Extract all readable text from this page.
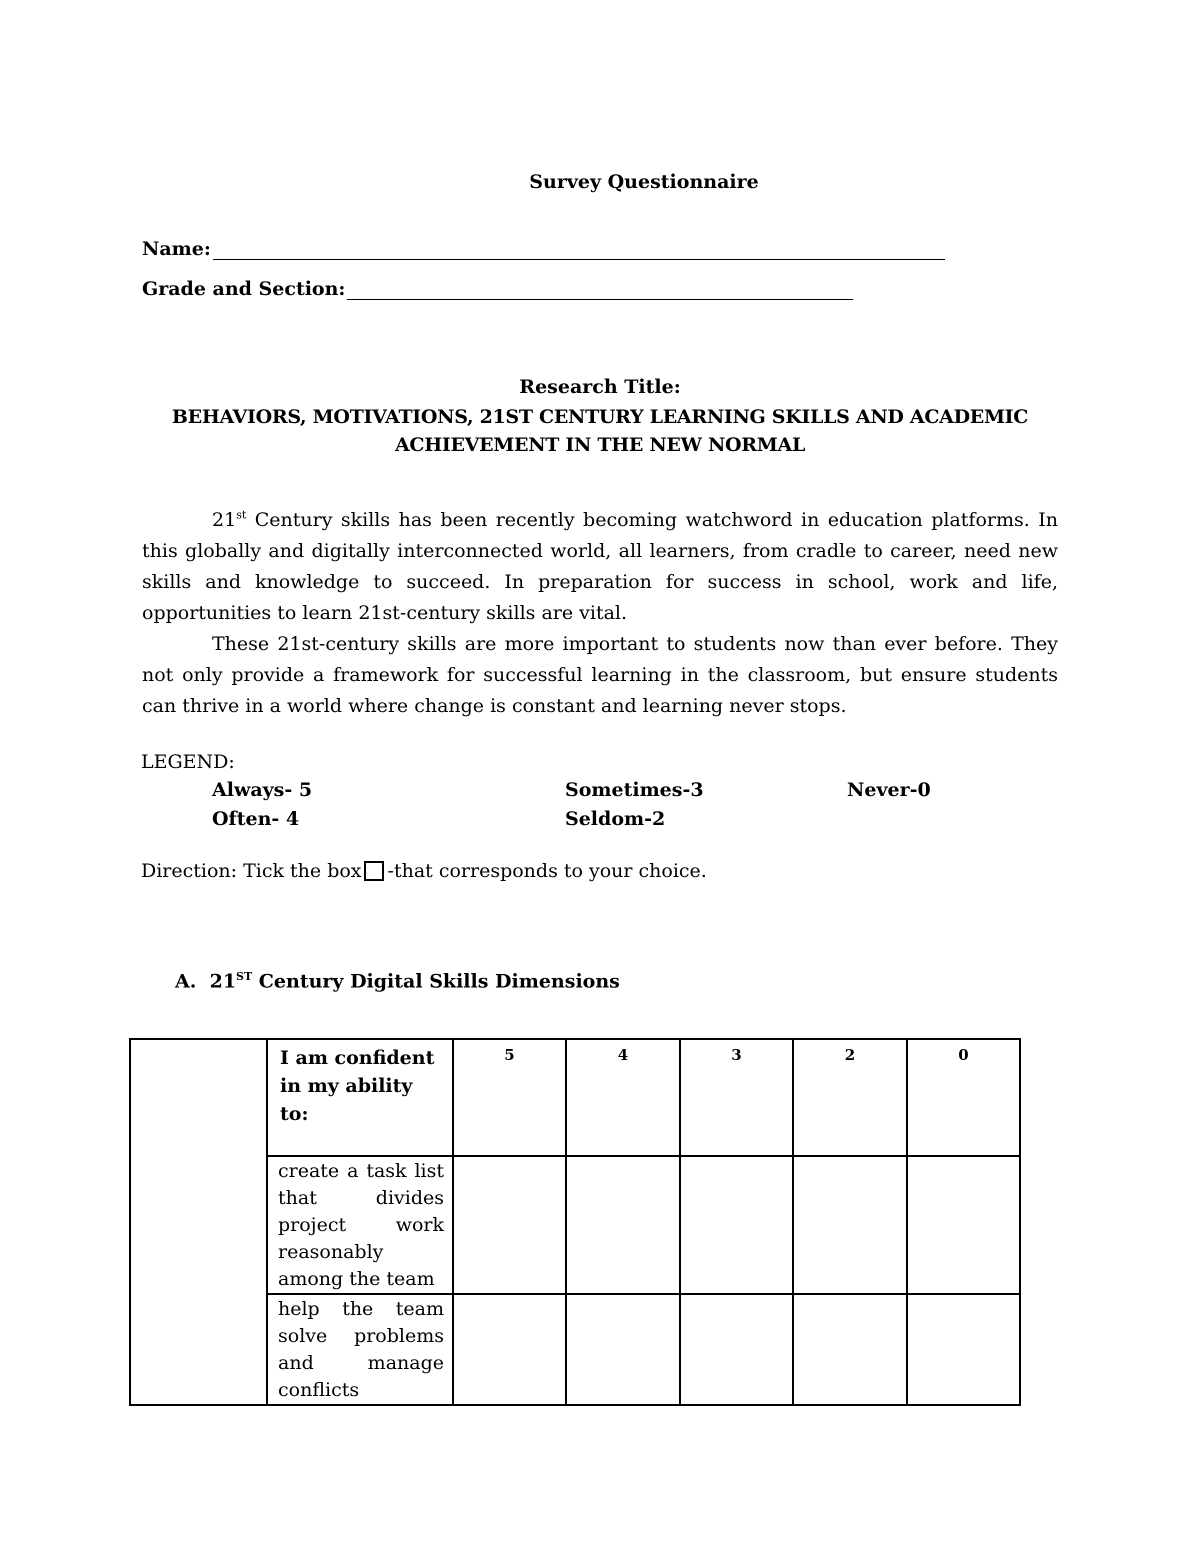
Survey Questionnaire
Name:
Grade and Section:
Research Title:
BEHAVIORS, MOTIVATIONS, 21ST CENTURY LEARNING SKILLS AND ACADEMIC ACHIEVEMENT IN THE NEW NORMAL

21st Century skills has been recently becoming watchword in education platforms. In this globally and digitally interconnected world, all learners, from cradle to career, need new skills and knowledge to succeed. In preparation for success in school, work and life, opportunities to learn 21st-century skills are vital.

These 21st-century skills are more important to students now than ever before. They not only provide a framework for successful learning in the classroom, but ensure students can thrive in a world where change is constant and learning never stops.

LEGEND:
Always- 5
Often- 4
Sometimes-3
Seldom-2
Never-0
Direction: Tick the box -that corresponds to your choice.
A. 21ST Century Digital Skills Dimensions
	I am confident in my ability to:	5	4	3	2	0
	create a task list that divides project work reasonably among the team					
	help the team solve problems and manage conflicts					
